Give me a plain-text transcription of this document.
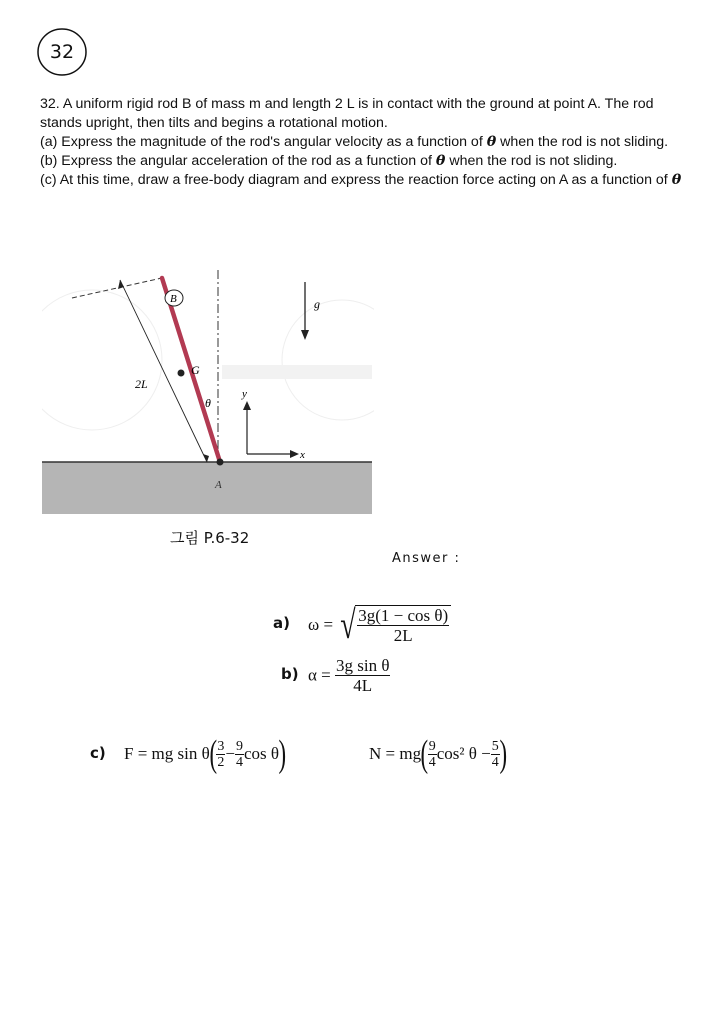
32

32. A uniform rigid rod B of mass m and length 2 L is in contact with the ground at point A. The rod stands upright, then tilts and begins a rotational motion.

(a) Express the magnitude of the rod's angular velocity as a function of θ when the rod is not sliding.

(b) Express the angular acceleration of the rod as a function of θ when the rod is not sliding.

(c) At this time, draw a free-body diagram and express the reaction force acting on A as a function of θ

2L
B
G
θ
A
g
y
x
그림 P.6-32
Answer :
a) ω = √ $\frac{\text{3g(1 − cos θ)}}{2L}$
b) $\alpha = \frac{\text{3g sin θ}}{4L}$
c) F = mg $\sin \theta( \frac{3}{2} - \frac{9}{4}$ cos θ)	$N = mg( \frac{9}{4} \cos^2$ $\theta - \frac{5}{4}$ )
